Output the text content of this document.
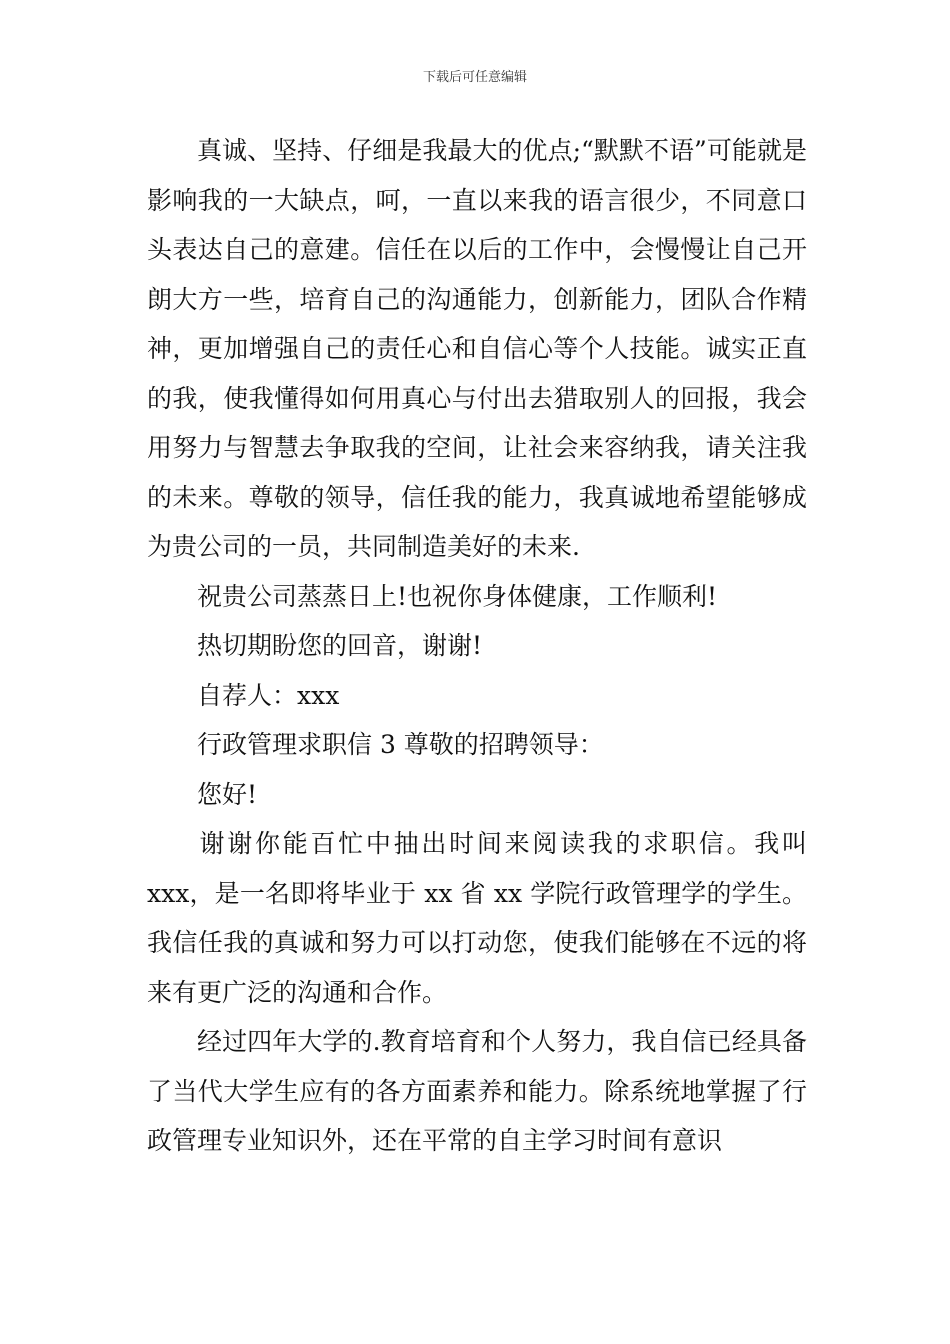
下载后可任意编辑

真诚、坚持、仔细是我最大的优点;“默默不语”可能就是影响我的一大缺点，呵，一直以来我的语言很少，不同意口头表达自己的意建。信任在以后的工作中，会慢慢让自己开朗大方一些，培育自己的沟通能力，创新能力，团队合作精神，更加增强自己的责任心和自信心等个人技能。诚实正直的我，使我懂得如何用真心与付出去猎取别人的回报，我会用努力与智慧去争取我的空间，让社会来容纳我，请关注我的未来。尊敬的领导，信任我的能力，我真诚地希望能够成为贵公司的一员，共同制造美好的未来.

祝贵公司蒸蒸日上!也祝你身体健康，工作顺利!

热切期盼您的回音，谢谢!

自荐人：xxx

行政管理求职信 3 尊敬的招聘领导：

您好!

谢谢你能百忙中抽出时间来阅读我的求职信。我叫xxx，是一名即将毕业于 xx 省 xx 学院行政管理学的学生。我信任我的真诚和努力可以打动您，使我们能够在不远的将来有更广泛的沟通和合作。

经过四年大学的.教育培育和个人努力，我自信已经具备了当代大学生应有的各方面素养和能力。除系统地掌握了行政管理专业知识外，还在平常的自主学习时间有意识
